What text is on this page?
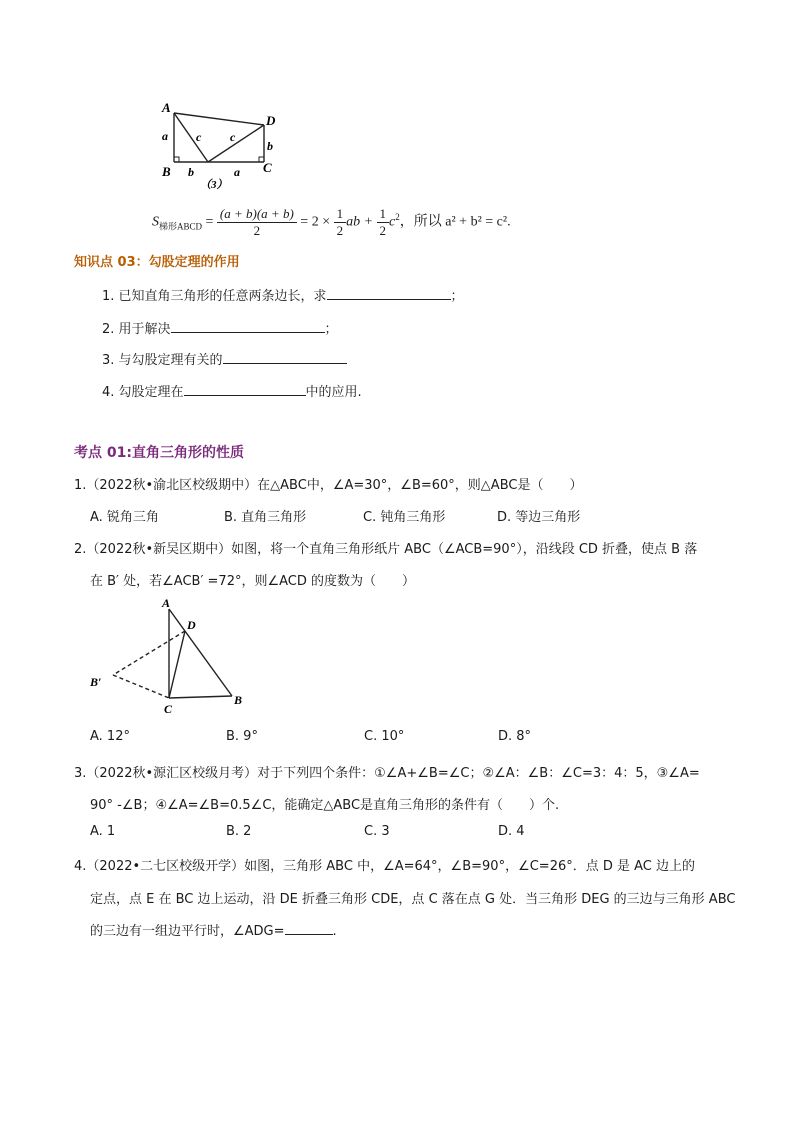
A
B	C
D
a c c
b
b	a
（3）
$S_{梯形ABCD} = \frac{(a + b)(a + b)}{2} = 2 \times \frac{1}{2}$ ab + $\frac{1}{2} c^2$，所以 a² + b² = c².
知识点 03：勾股定理的作用
1. 已知直角三角形的任意两条边长，求	；
2. 用于解决	；
3. 与勾股定理有关的
4. 勾股定理在	中的应用.
考点 01:直角三角形的性质
1.（2022秋•渝北区校级期中）在△ABC中，∠A=30°，∠B=60°，则△ABC是（　　）
A. 锐角三角	B. 直角三角形	C. 钝角三角形	D. 等边三角形
2.（2022秋•新吴区期中）如图，将一个直角三角形纸片 ABC（∠ACB=90°），沿线段 CD 折叠，使点 B 落
在 B′ 处，若∠ACB′ =72°，则∠ACD 的度数为（　　）
A
D
B′
C
B
A. 12°	B. 9°	C. 10°	D. 8°
3.（2022秋•源汇区校级月考）对于下列四个条件：①∠A+∠B=∠C；②∠A：∠B：∠C=3：4：5，③∠A=
90° -∠B；④∠A=∠B=0.5∠C，能确定△ABC是直角三角形的条件有（　　）个.
A. 1	B. 2	C. 3	D. 4
4.（2022•二七区校级开学）如图，三角形 ABC 中，∠A=64°，∠B=90°，∠C=26°．点 D 是 AC 边上的
定点，点 E 在 BC 边上运动，沿 DE 折叠三角形 CDE，点 C 落在点 G 处．当三角形 DEG 的三边与三角形 ABC
的三边有一组边平行时，∠ADG=	.
